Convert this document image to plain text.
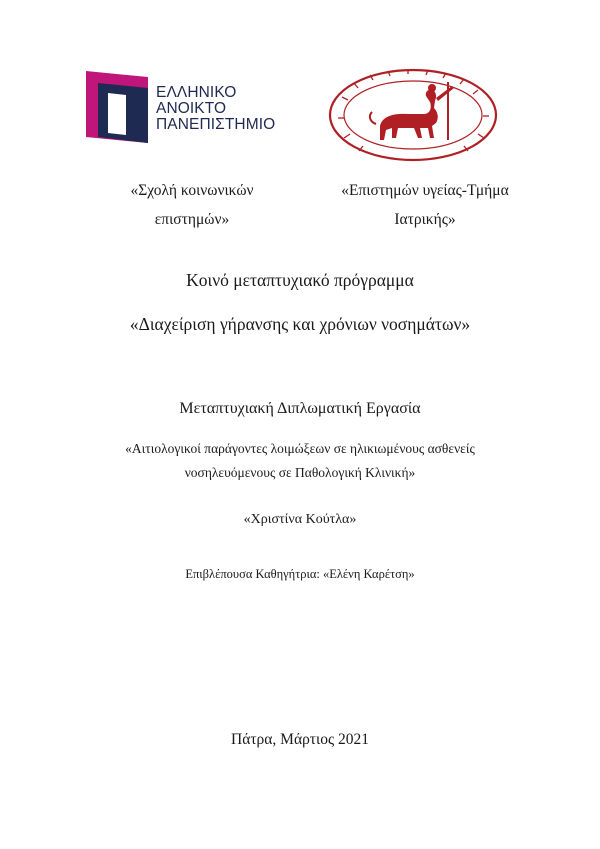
ΕΛΛΗΝΙΚΟ
ΑΝΟΙΚΤΟ
ΠΑΝΕΠΙΣΤΗΜΙΟ
«Σχολή κοινωνικών
επιστημών»
«Επιστημών υγείας-Τμήμα
Ιατρικής»
Κοινό μεταπτυχιακό πρόγραμμα
«Διαχείριση γήρανσης και χρόνιων νοσημάτων»
Μεταπτυχιακή Διπλωματική Εργασία
«Αιτιολογικοί παράγοντες λοιμώξεων σε ηλικιωμένους ασθενείς
νοσηλευόμενους σε Παθολογική Κλινική»
«Χριστίνα Κούτλα»
Επιβλέπουσα Καθηγήτρια: «Ελένη Καρέτση»
Πάτρα, Μάρτιος 2021
